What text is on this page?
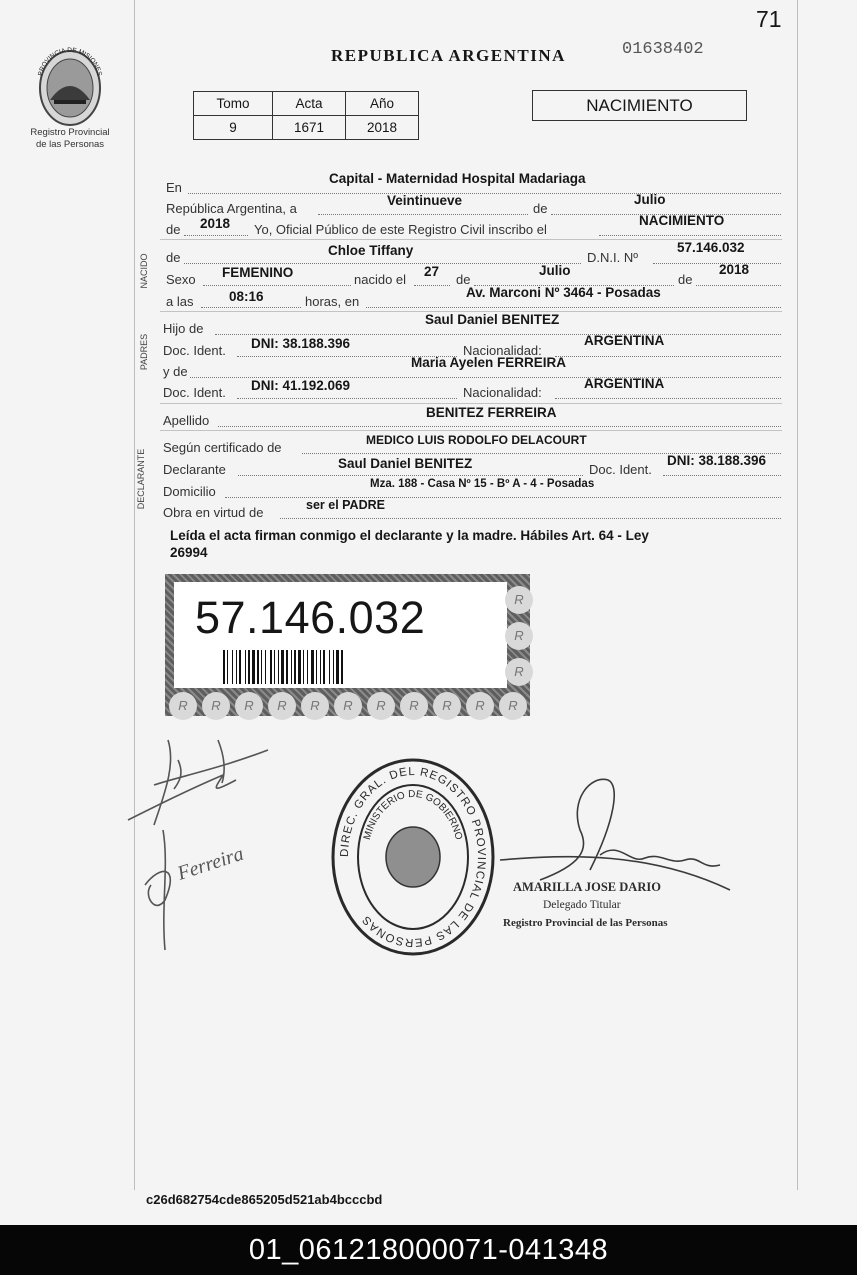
71
PROVINCIA DE MISIONES
Registro Provincial
de las Personas
REPUBLICA ARGENTINA	01638402
Tomo	Acta	Año
9	1671	2018
NACIMIENTO
En
Capital - Maternidad Hospital Madariaga
República Argentina, a
Veintinueve
de
Julio
de 2018 Yo, Oficial Público de este Registro Civil inscribo el
NACIMIENTO
NACIDO de	Chloe Tiffany	D.N.I. Nº
57.146.032
Sexo FEMENINO	nacido el
27
de
Julio
de
2018
a las	08:16	horas, en
Av. Marconi Nº 3464 - Posadas
PADRES
Hijo de
Saul Daniel BENITEZ
Doc. Ident. DNI: 38.188.396	Nacionalidad:
ARGENTINA
y de
Maria Ayelen FERREIRA
Doc. Ident. DNI: 41.192.069	Nacionalidad:
ARGENTINA
Apellido
BENITEZ FERREIRA
DECLARANTE
Según certificado de	MEDICO LUIS RODOLFO DELACOURT
Declarante	Saul Daniel BENITEZ	Doc. Ident.
DNI: 38.188.396
Domicilio	Mza. 188 - Casa Nº 15 - Bº A - 4 - Posadas
Obra en virtud de	ser el PADRE
Leída el acta firman conmigo el declarante y la madre. Hábiles Art. 64 - Ley
26994
57.146.032
R	R	R	R	R	R	R	R	R	R	R
R
R
R
Ferreira	DIREC. GRAL. DEL REGISTRO PROVINCIAL DE LAS PERSONAS
MINISTERIO DE GOBIERNO
AMARILLA JOSE DARIO
Delegado Titular
Registro Provincial de las Personas
c26d682754cde865205d521ab4bcccbd
01_061218000071-041348
